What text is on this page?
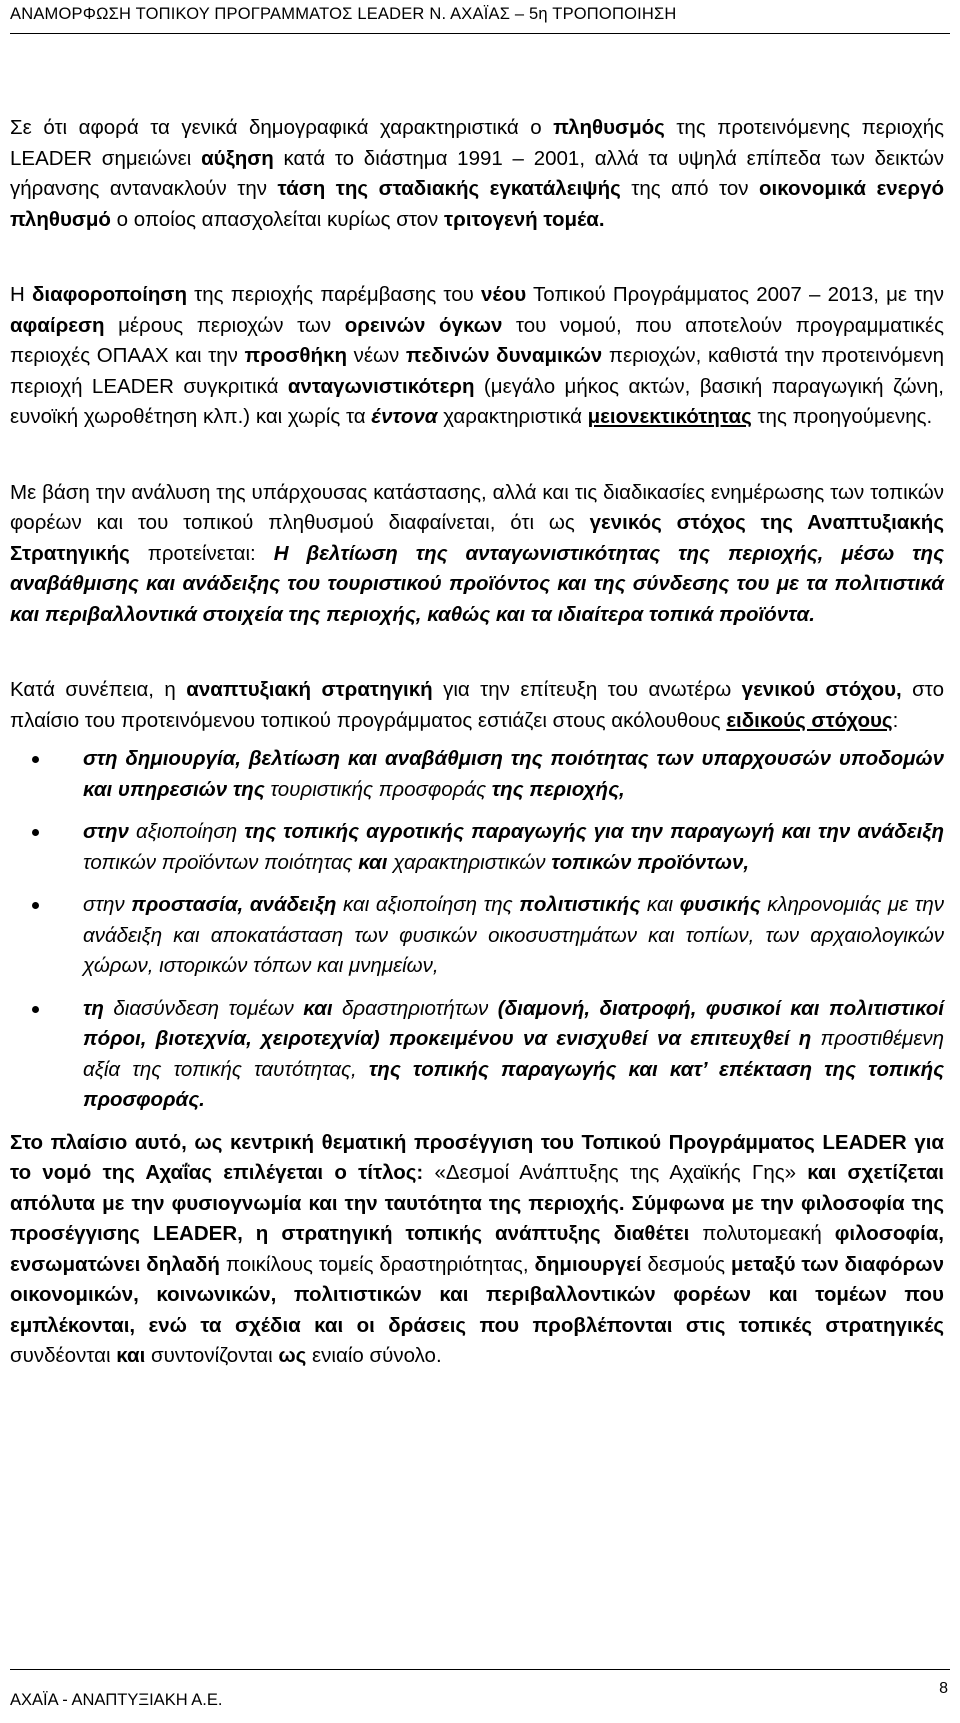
ΑΝΑΜΟΡΦΩΣΗ ΤΟΠΙΚΟΥ ΠΡΟΓΡΑΜΜΑΤΟΣ LEADER Ν. ΑΧΑΪΑΣ – 5η ΤΡΟΠΟΠΟΙΗΣΗ

Σε ότι αφορά τα γενικά δημογραφικά χαρακτηριστικά ο πληθυσμός της προτεινόμενης περιοχής LEADER σημειώνει αύξηση κατά το διάστημα 1991 – 2001, αλλά τα υψηλά επίπεδα των δεικτών γήρανσης αντανακλούν την τάση της σταδιακής εγκατάλειψής της από τον οικονομικά ενεργό πληθυσμό ο οποίος απασχολείται κυρίως στον τριτογενή τομέα.

Η διαφοροποίηση της περιοχής παρέμβασης του νέου Τοπικού Προγράμματος 2007 – 2013, με την αφαίρεση μέρους περιοχών των ορεινών όγκων του νομού, που αποτελούν προγραμματικές περιοχές ΟΠΑΑΧ και την προσθήκη νέων πεδινών δυναμικών περιοχών, καθιστά την προτεινόμενη περιοχή LEADER συγκριτικά ανταγωνιστικότερη (μεγάλο μήκος ακτών, βασική παραγωγική ζώνη, ευνοϊκή χωροθέτηση κλπ.) και χωρίς τα έντονα χαρακτηριστικά μειονεκτικότητας της προηγούμενης.

Με βάση την ανάλυση της υπάρχουσας κατάστασης, αλλά και τις διαδικασίες ενημέρωσης των τοπικών φορέων και του τοπικού πληθυσμού διαφαίνεται, ότι ως γενικός στόχος της Αναπτυξιακής Στρατηγικής προτείνεται: Η βελτίωση της ανταγωνιστικότητας της περιοχής, μέσω της αναβάθμισης και ανάδειξης του τουριστικού προϊόντος και της σύνδεσης του με τα πολιτιστικά και περιβαλλοντικά στοιχεία της περιοχής, καθώς και τα ιδιαίτερα τοπικά προϊόντα.

Κατά συνέπεια, η αναπτυξιακή στρατηγική για την επίτευξη του ανωτέρω γενικού στόχου, στο πλαίσιο του προτεινόμενου τοπικού προγράμματος εστιάζει στους ακόλουθους ειδικούς στόχους:

στη δημιουργία, βελτίωση και αναβάθμιση της ποιότητας των υπαρχουσών υποδομών και υπηρεσιών της τουριστικής προσφοράς της περιοχής,
στην αξιοποίηση της τοπικής αγροτικής παραγωγής για την παραγωγή και την ανάδειξη τοπικών προϊόντων ποιότητας και χαρακτηριστικών τοπικών προϊόντων,
στην προστασία, ανάδειξη και αξιοποίηση της πολιτιστικής και φυσικής κληρονομιάς με την ανάδειξη και αποκατάσταση των φυσικών οικοσυστημάτων και τοπίων, των αρχαιολογικών χώρων, ιστορικών τόπων και μνημείων,
τη διασύνδεση τομέων και δραστηριοτήτων (διαμονή, διατροφή, φυσικοί και πολιτιστικοί πόροι, βιοτεχνία, χειροτεχνία) προκειμένου να ενισχυθεί να επιτευχθεί η προστιθέμενη αξία της τοπικής ταυτότητας, της τοπικής παραγωγής και κατ’ επέκταση της τοπικής προσφοράς.

Στο πλαίσιο αυτό, ως κεντρική θεματική προσέγγιση του Τοπικού Προγράμματος LEADER για το νομό της Αχαΐας επιλέγεται ο τίτλος: «Δεσμοί Ανάπτυξης της Αχαϊκής Γης» και σχετίζεται απόλυτα με την φυσιογνωμία και την ταυτότητα της περιοχής. Σύμφωνα με την φιλοσοφία της προσέγγισης LEADER, η στρατηγική τοπικής ανάπτυξης διαθέτει πολυτομεακή φιλοσοφία, ενσωματώνει δηλαδή ποικίλους τομείς δραστηριότητας, δημιουργεί δεσμούς μεταξύ των διαφόρων οικονομικών, κοινωνικών, πολιτιστικών και περιβαλλοντικών φορέων και τομέων που εμπλέκονται, ενώ τα σχέδια και οι δράσεις που προβλέπονται στις τοπικές στρατηγικές συνδέονται και συντονίζονται ως ενιαίο σύνολο.

ΑΧΑΪΑ - ΑΝΑΠΤΥΞΙΑΚΗ Α.Ε.
8
